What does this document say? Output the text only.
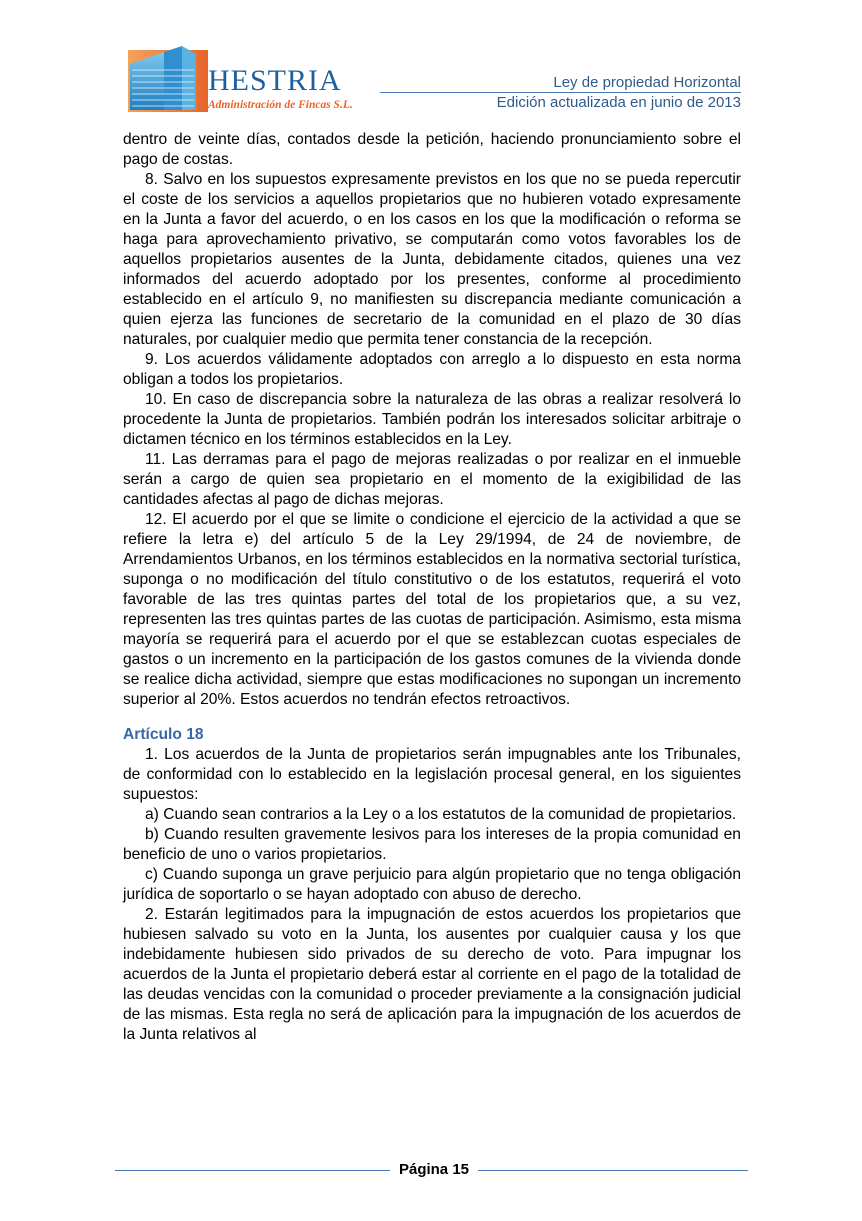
HESTRIA
Administración de Fincas S.L.
Ley de propiedad Horizontal
Edición actualizada en junio de 2013

dentro de veinte días, contados desde la petición, haciendo pronunciamiento sobre el pago de costas.

8. Salvo en los supuestos expresamente previstos en los que no se pueda repercutir el coste de los servicios a aquellos propietarios que no hubieren votado expresamente en la Junta a favor del acuerdo, o en los casos en los que la modificación o reforma se haga para aprovechamiento privativo, se computarán como votos favorables los de aquellos propietarios ausentes de la Junta, debidamente citados, quienes una vez informados del acuerdo adoptado por los presentes, conforme al procedimiento establecido en el artículo 9, no manifiesten su discrepancia mediante comunicación a quien ejerza las funciones de secretario de la comunidad en el plazo de 30 días naturales, por cualquier medio que permita tener constancia de la recepción.

9. Los acuerdos válidamente adoptados con arreglo a lo dispuesto en esta norma obligan a todos los propietarios.

10. En caso de discrepancia sobre la naturaleza de las obras a realizar resolverá lo procedente la Junta de propietarios. También podrán los interesados solicitar arbitraje o dictamen técnico en los términos establecidos en la Ley.

11. Las derramas para el pago de mejoras realizadas o por realizar en el inmueble serán a cargo de quien sea propietario en el momento de la exigibilidad de las cantidades afectas al pago de dichas mejoras.

12. El acuerdo por el que se limite o condicione el ejercicio de la actividad a que se refiere la letra e) del artículo 5 de la Ley 29/1994, de 24 de noviembre, de Arrendamientos Urbanos, en los términos establecidos en la normativa sectorial turística, suponga o no modificación del título constitutivo o de los estatutos, requerirá el voto favorable de las tres quintas partes del total de los propietarios que, a su vez, representen las tres quintas partes de las cuotas de participación. Asimismo, esta misma mayoría se requerirá para el acuerdo por el que se establezcan cuotas especiales de gastos o un incremento en la participación de los gastos comunes de la vivienda donde se realice dicha actividad, siempre que estas modificaciones no supongan un incremento superior al 20%. Estos acuerdos no tendrán efectos retroactivos.

Artículo 18

1. Los acuerdos de la Junta de propietarios serán impugnables ante los Tribunales, de conformidad con lo establecido en la legislación procesal general, en los siguientes supuestos:

a) Cuando sean contrarios a la Ley o a los estatutos de la comunidad de propietarios.

b) Cuando resulten gravemente lesivos para los intereses de la propia comunidad en beneficio de uno o varios propietarios.

c) Cuando suponga un grave perjuicio para algún propietario que no tenga obligación jurídica de soportarlo o se hayan adoptado con abuso de derecho.

2. Estarán legitimados para la impugnación de estos acuerdos los propietarios que hubiesen salvado su voto en la Junta, los ausentes por cualquier causa y los que indebidamente hubiesen sido privados de su derecho de voto. Para impugnar los acuerdos de la Junta el propietario deberá estar al corriente en el pago de la totalidad de las deudas vencidas con la comunidad o proceder previamente a la consignación judicial de las mismas. Esta regla no será de aplicación para la impugnación de los acuerdos de la Junta relativos al

Página 15
